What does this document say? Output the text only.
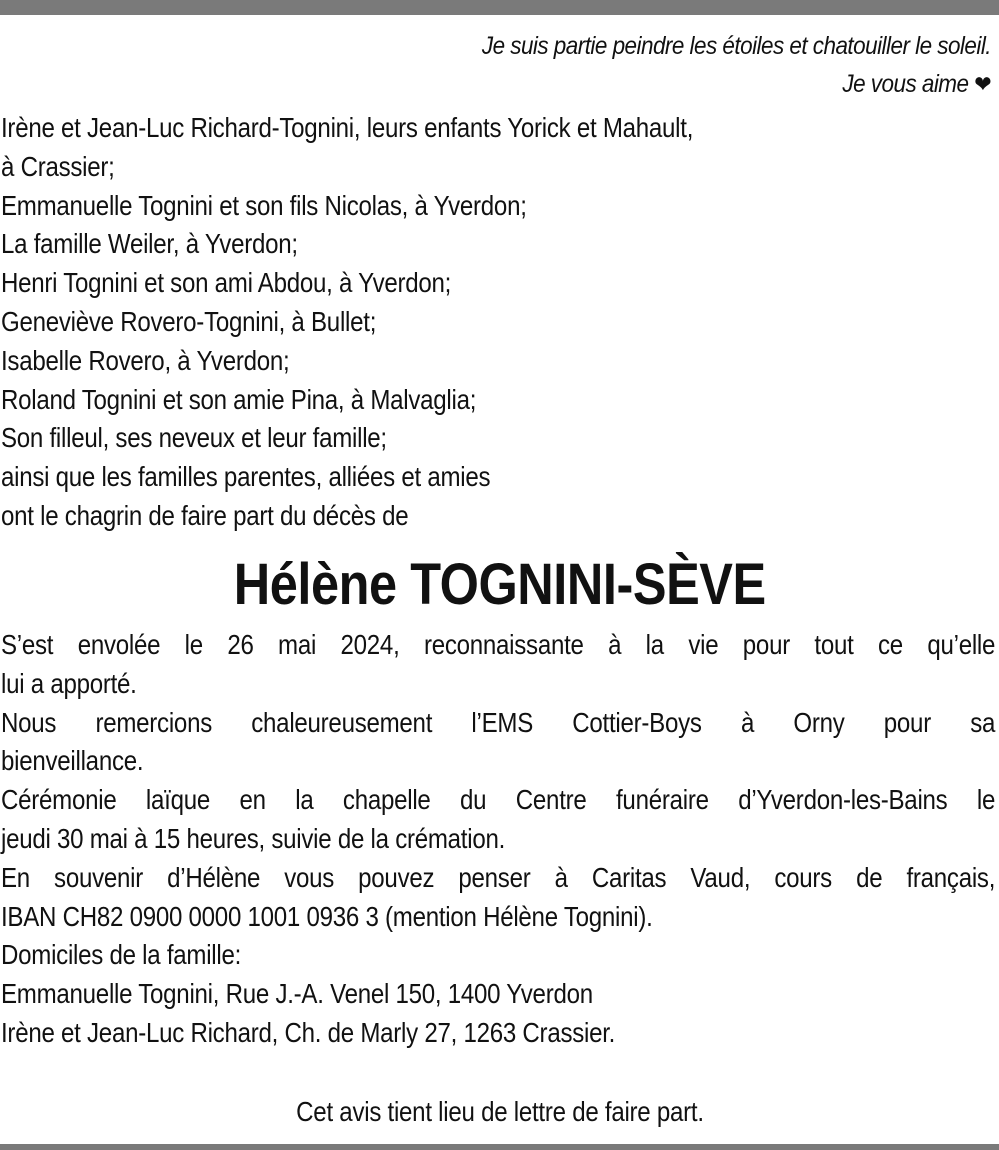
Je suis partie peindre les étoiles et chatouiller le soleil.
Je vous aime ❤
Irène et Jean-Luc Richard-Tognini, leurs enfants Yorick et Mahault,
à Crassier;
Emmanuelle Tognini et son fils Nicolas, à Yverdon;
La famille Weiler, à Yverdon;
Henri Tognini et son ami Abdou, à Yverdon;
Geneviève Rovero-Tognini, à Bullet;
Isabelle Rovero, à Yverdon;
Roland Tognini et son amie Pina, à Malvaglia;
Son filleul, ses neveux et leur famille;
ainsi que les familles parentes, alliées et amies
ont le chagrin de faire part du décès de
Hélène TOGNINI-SÈVE
S’est envolée le 26 mai 2024, reconnaissante à la vie pour tout ce qu’elle
lui a apporté.
Nous remercions chaleureusement l’EMS Cottier-Boys à Orny pour sa
bienveillance.
Cérémonie laïque en la chapelle du Centre funéraire d’Yverdon-les-Bains le
jeudi 30 mai à 15 heures, suivie de la crémation.
En souvenir d’Hélène vous pouvez penser à Caritas Vaud, cours de français,
IBAN CH82 0900 0000 1001 0936 3 (mention Hélène Tognini).
Domiciles de la famille:
Emmanuelle Tognini, Rue J.-A. Venel 150, 1400 Yverdon
Irène et Jean-Luc Richard, Ch. de Marly 27, 1263 Crassier.
Cet avis tient lieu de lettre de faire part.
